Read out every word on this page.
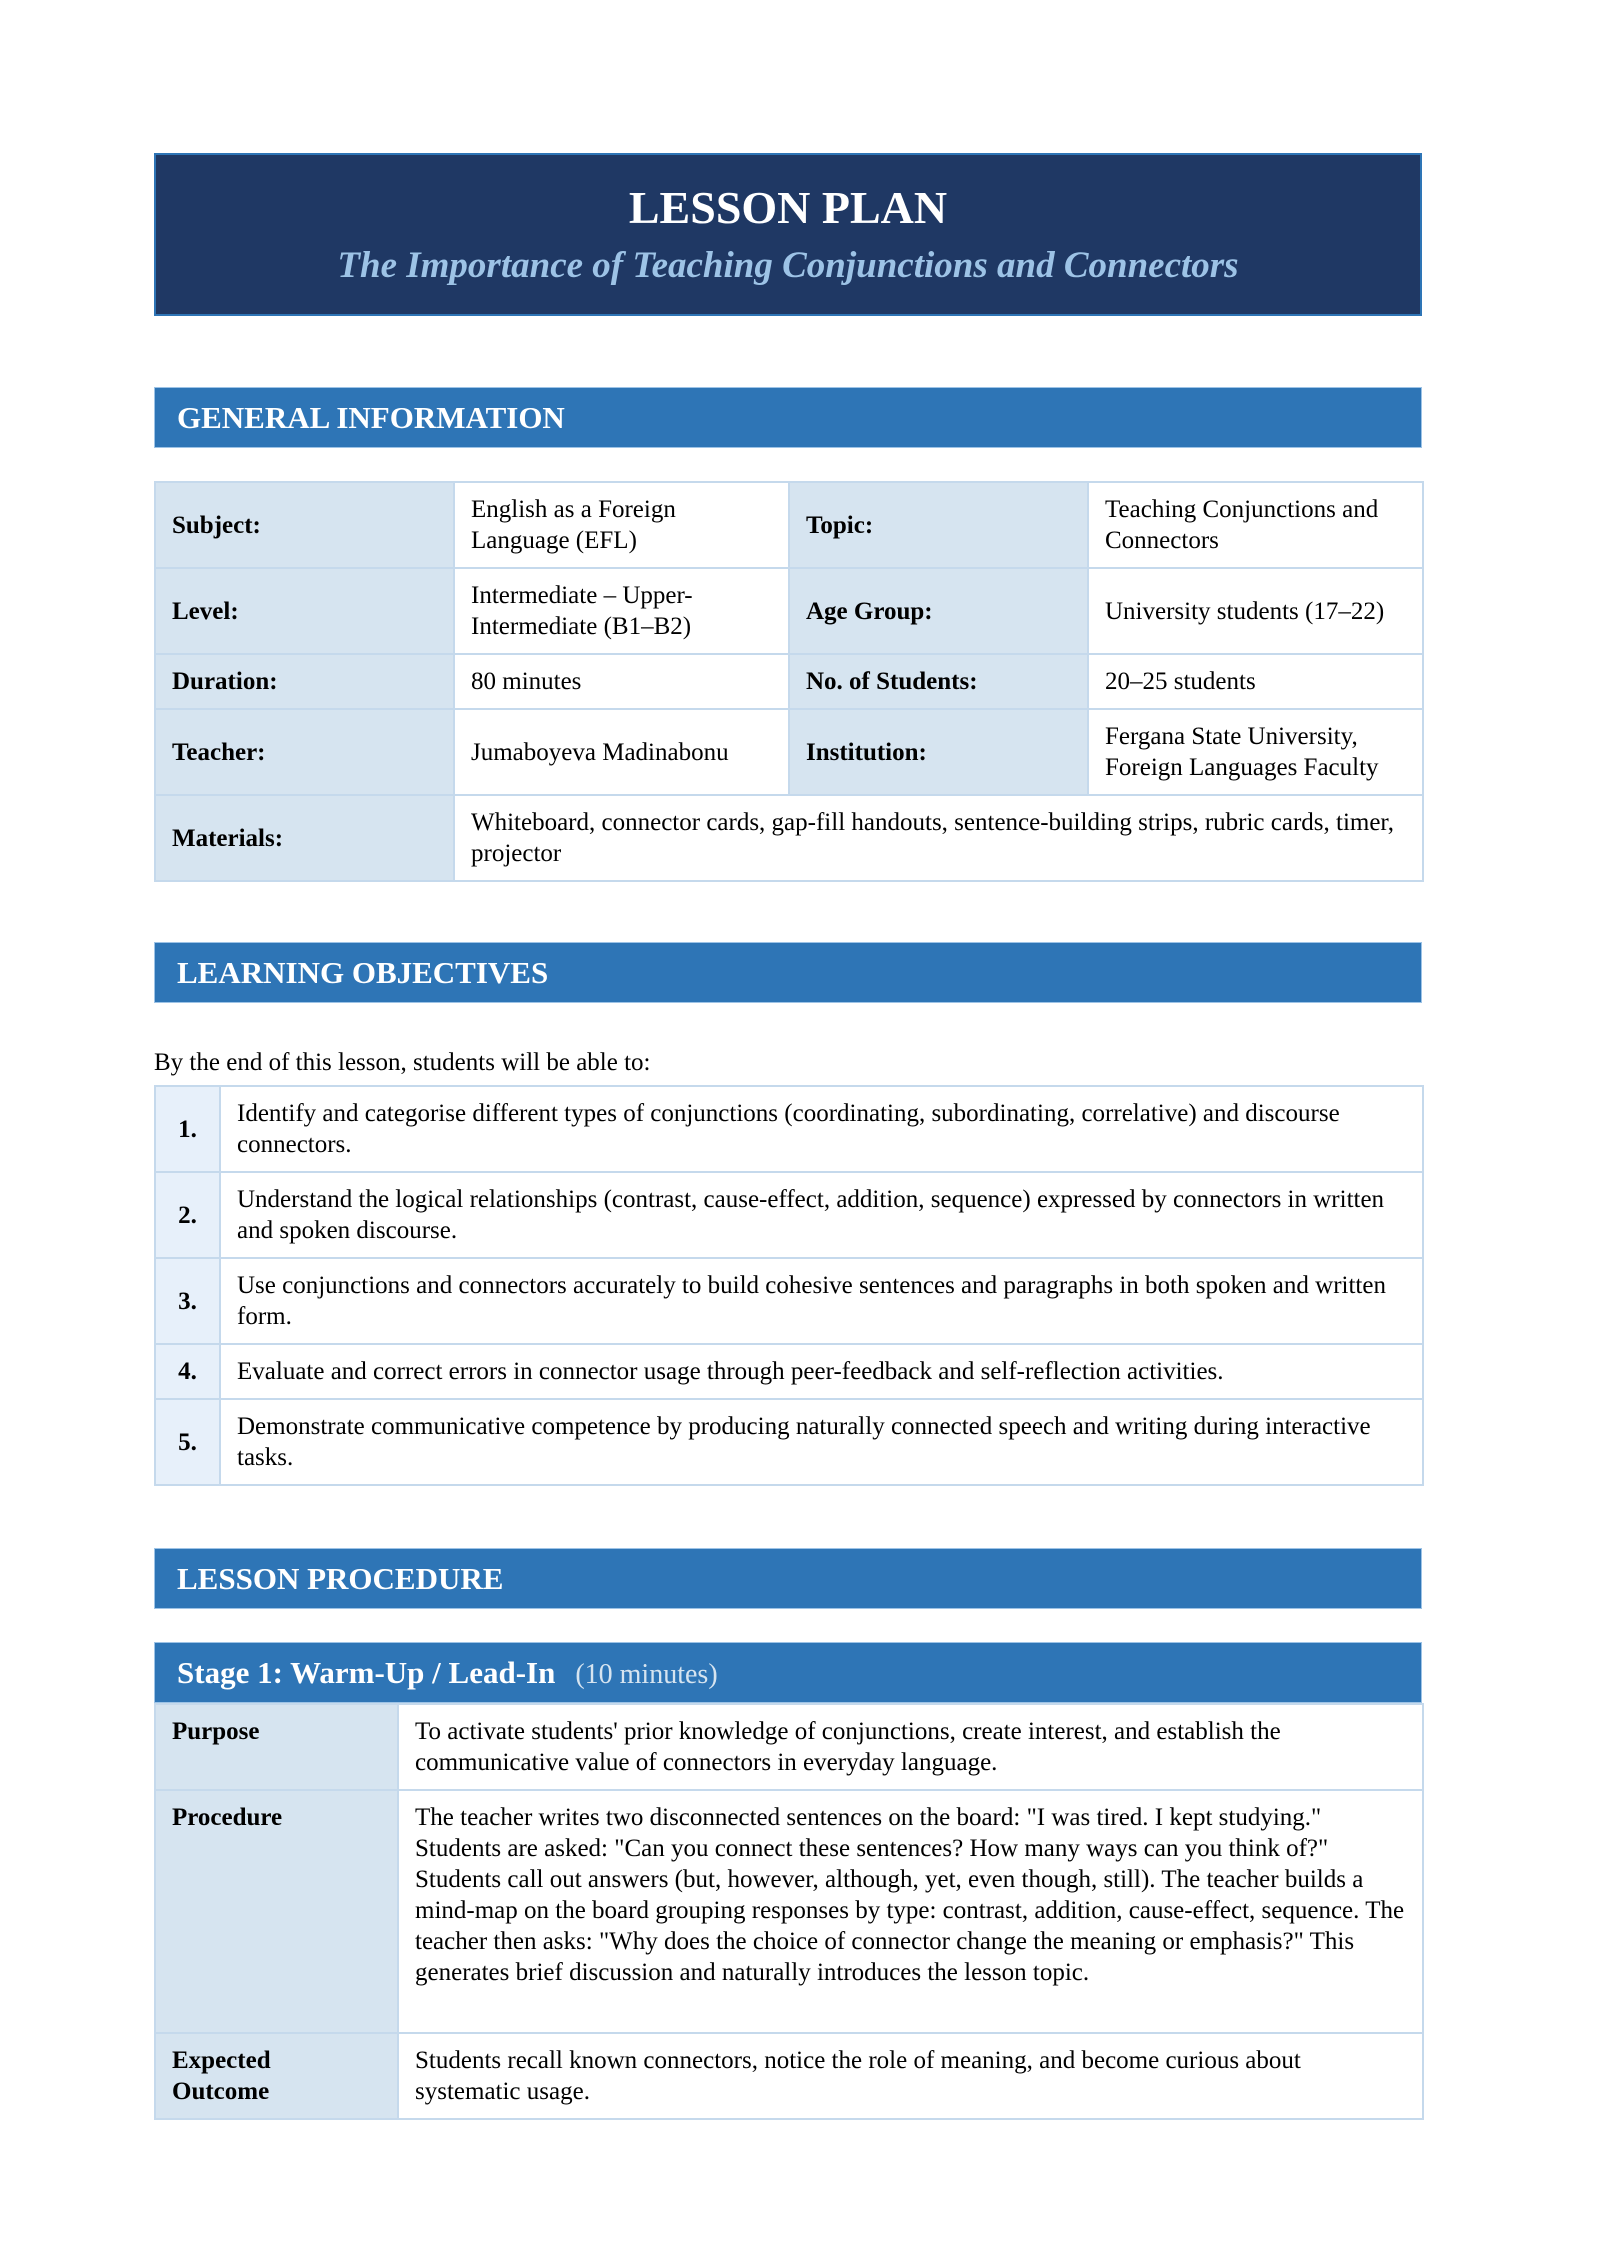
LESSON PLAN
The Importance of Teaching Conjunctions and Connectors
GENERAL INFORMATION
Subject:	English as a Foreign Language (EFL)	Topic:	Teaching Conjunctions and Connectors
Level:	Intermediate – Upper-Intermediate (B1–B2)	Age Group:	University students (17–22)
Duration:	80 minutes	No. of Students:	20–25 students
Teacher:	Jumaboyeva Madinabonu	Institution:	Fergana State University, Foreign Languages Faculty
Materials:	Whiteboard, connector cards, gap-fill handouts, sentence-building strips, rubric cards, timer, projector		
LEARNING OBJECTIVES
By the end of this lesson, students will be able to:
1.	Identify and categorise different types of conjunctions (coordinating, subordinating, correlative) and discourse connectors.
2.	Understand the logical relationships (contrast, cause-effect, addition, sequence) expressed by connectors in written and spoken discourse.
3.	Use conjunctions and connectors accurately to build cohesive sentences and paragraphs in both spoken and written form.
4.	Evaluate and correct errors in connector usage through peer-feedback and self-reflection activities.
5.	Demonstrate communicative competence by producing naturally connected speech and writing during interactive tasks.
LESSON PROCEDURE
Stage 1: Warm-Up / Lead-In (10 minutes)
Purpose	To activate students' prior knowledge of conjunctions, create interest, and establish the communicative value of connectors in everyday language.
Procedure	The teacher writes two disconnected sentences on the board: "I was tired. I kept studying." Students are asked: "Can you connect these sentences? How many ways can you think of?" Students call out answers (but, however, although, yet, even though, still). The teacher builds a mind-map on the board grouping responses by type: contrast, addition, cause-effect, sequence. The teacher then asks: "Why does the choice of connector change the meaning or emphasis?" This generates brief discussion and naturally introduces the lesson topic.
Expected Outcome	Students recall known connectors, notice the role of meaning, and become curious about systematic usage.
